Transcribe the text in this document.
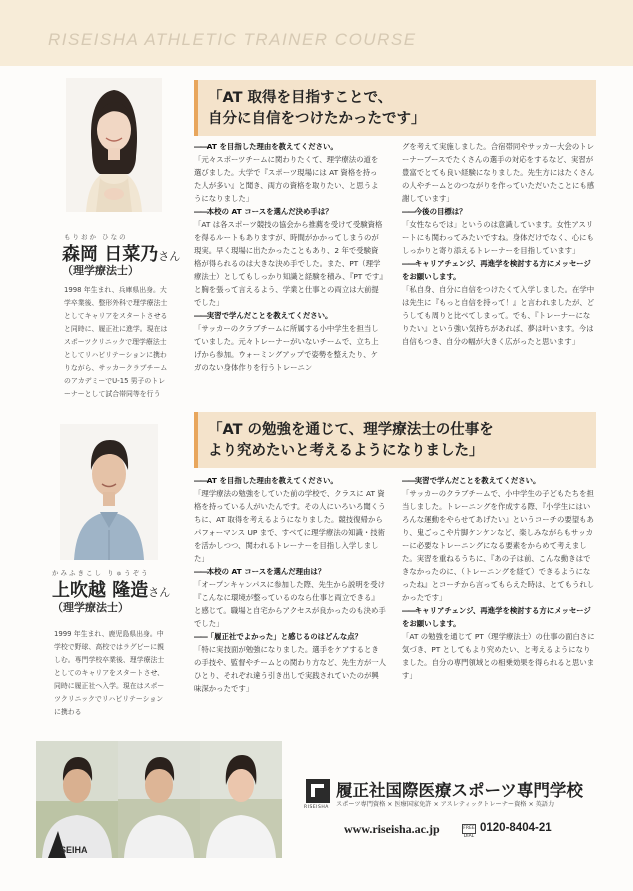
RISEISHA ATHLETIC TRAINER COURSE
「AT 取得を目指すことで、
自分に自信をつけたかったです」
もりおか ひなの
森岡 日菜乃さん
（理学療法士）
1998 年生まれ、兵庫県出身。大学卒業後、整形外科で理学療法士としてキャリアをスタートさせると同時に、履正社に進学。現在はスポーツクリニックで理学療法士としてリハビリテーションに携わりながら、サッカークラブチームのアカデミーでU-15 男子のトレーナーとして試合帯同等を行う

―― AT を目指した理由を教えてください。

「元々スポーツチームに関わりたくて、理学療法の道を選びました。大学で『スポーツ現場には AT 資格を持った人が多い』と聞き、両方の資格を取りたい、と思うようになりました」

―― 本校の AT コースを選んだ決め手は？

「AT は各スポーツ競技の協会から推薦を受けて受験資格を得るルートもありますが、時間がかかってしまうのが現実。早く現場に出たかったこともあり、2 年で受験資格が得られるのは大きな決め手でした。また、PT（理学療法士）としてもしっかり知識と経験を積み、『PT です』と胸を張って言えるよう、学業と仕事との両立は大前提でした」

―― 実習で学んだことを教えてください。

「サッカーのクラブチームに所属する小中学生を担当していました。元々トレーナーがいないチームで、立ち上げから参加。ウォーミングアップで姿勢を整えたり、ケガのない身体作りを行うトレーニン

グを考えて実施しました。合宿帯同やサッカー大会のトレーナーブースでたくさんの選手の対応をするなど、実習が豊富でとても良い経験になりました。先生方にはたくさんの人やチームとのつながりを作っていただいたことにも感謝しています」

―― 今後の目標は？

「女性ならでは」というのは意識しています。女性アスリートにも関わってみたいですね。身体だけでなく、心にもしっかりと寄り添えるトレーナーを目指しています」

―― キャリアチェンジ、再進学を検討する方にメッセージをお願いします。

「私自身、自分に自信をつけたくて入学しました。在学中は先生に『もっと自信を持って！』と言われましたが、どうしても周りと比べてしまって。でも、『トレーナーになりたい』という強い気持ちがあれば、夢は叶います。今は自信もつき、自分の幅が大きく広がったと思います」

「AT の勉強を通じて、理学療法士の仕事を
より究めたいと考えるようになりました」
かみふきこし りゅうぞう
上吹越 隆造さん
（理学療法士）
1999 年生まれ、鹿児島県出身。中学校で野球、高校ではラグビーに親しむ。専門学校卒業後、理学療法士としてのキャリアをスタートさせ、同時に履正社へ入学。現在はスポーツクリニックでリハビリテーションに携わる

―― AT を目指した理由を教えてください。

「理学療法の勉強をしていた前の学校で、クラスに AT 資格を持っている人がいたんです。その人にいろいろ聞くうちに、AT 取得を考えるようになりました。競技復帰からパフォーマンス UP まで、すべてに理学療法の知識・技術を活かしつつ、関われるトレーナーを目指し入学しました」

―― 本校の AT コースを選んだ理由は？

「オープンキャンパスに参加した際、先生から説明を受け『こんなに環境が整っているのなら仕事と両立できる』と感じて。職場と自宅からアクセスが良かったのも決め手でした」

―― 「履正社でよかった」と感じるのはどんな点？

「特に実技面が勉強になりました。選手をケアするときの手技や、監督やチームとの関わり方など、先生方が一人ひとり、それぞれ違う引き出しで実践されていたのが興味深かったです」

―― 実習で学んだことを教えてください。

「サッカーのクラブチームで、小中学生の子どもたちを担当しました。トレーニングを作成する際、『小学生にはいろんな運動をやらせてあげたい』というコーチの要望もあり、鬼ごっこや片脚ケンケンなど、楽しみながらもサッカーに必要なトレーニングになる要素をからめて考えました。実習を重ねるうちに、『あの子は前、こんな動きはできなかったのに、（トレーニングを経て）できるようになったね』とコーチから言ってもらえた時は、とてもうれしかったです」

―― キャリアチェンジ、再進学を検討する方にメッセージをお願いします。

「AT の勉強を通じて PT（理学療法士）の仕事の面白さに気づき、PT としてもより究めたい、と考えるようになりました。自分の専門領域との相乗効果を得られると思います」

SEIHA
RISEISHA
履正社国際医療スポーツ専門学校
スポーツ専門資格 × 医療国家免許 × アスレティックトレーナー資格 × 英語力
www.riseisha.ac.jp	FREE DIAL
0120-8404-21
